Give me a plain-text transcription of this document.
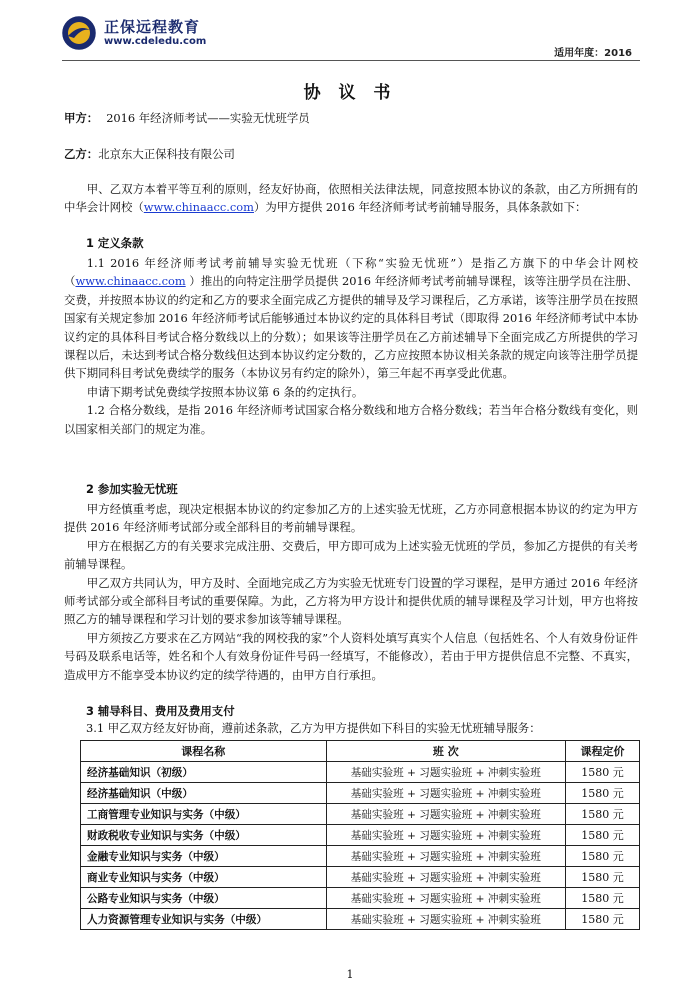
正保远程教育
www.cdeledu.com
适用年度：2016
协 议 书
甲方： 2016 年经济师考试——实验无忧班学员
乙方：北京东大正保科技有限公司

甲、乙双方本着平等互利的原则，经友好协商，依照相关法律法规，同意按照本协议的条款，由乙方所拥有的中华会计网校（www.chinaacc.com）为甲方提供 2016 年经济师考试考前辅导服务，具体条款如下：

1 定义条款

1.1 2016 年经济师考试考前辅导实验无忧班（下称“实验无忧班”）是指乙方旗下的中华会计网校（www.chinaacc.com ）推出的向特定注册学员提供 2016 年经济师考试考前辅导课程，该等注册学员在注册、交费，并按照本协议的约定和乙方的要求全面完成乙方提供的辅导及学习课程后，乙方承诺，该等注册学员在按照国家有关规定参加 2016 年经济师考试后能够通过本协议约定的具体科目考试（即取得 2016 年经济师考试中本协议约定的具体科目考试合格分数线以上的分数）；如果该等注册学员在乙方前述辅导下全面完成乙方所提供的学习课程以后，未达到考试合格分数线但达到本协议约定分数的，乙方应按照本协议相关条款的规定向该等注册学员提供下期同科目考试免费续学的服务（本协议另有约定的除外），第三年起不再享受此优惠。

申请下期考试免费续学按照本协议第 6 条的约定执行。

1.2 合格分数线，是指 2016 年经济师考试国家合格分数线和地方合格分数线；若当年合格分数线有变化，则以国家相关部门的规定为准。

2 参加实验无忧班

甲方经慎重考虑，现决定根据本协议的约定参加乙方的上述实验无忧班，乙方亦同意根据本协议的约定为甲方提供 2016 年经济师考试部分或全部科目的考前辅导课程。

甲方在根据乙方的有关要求完成注册、交费后，甲方即可成为上述实验无忧班的学员，参加乙方提供的有关考前辅导课程。

甲乙双方共同认为，甲方及时、全面地完成乙方为实验无忧班专门设置的学习课程，是甲方通过 2016 年经济师考试部分或全部科目考试的重要保障。为此，乙方将为甲方设计和提供优质的辅导课程及学习计划，甲方也将按照乙方的辅导课程和学习计划的要求参加该等辅导课程。

甲方须按乙方要求在乙方网站“我的网校我的家”个人资料处填写真实个人信息（包括姓名、个人有效身份证件号码及联系电话等，姓名和个人有效身份证件号码一经填写，不能修改），若由于甲方提供信息不完整、不真实，造成甲方不能享受本协议约定的续学待遇的，由甲方自行承担。

3 辅导科目、费用及费用支付
3.1 甲乙双方经友好协商，遵前述条款，乙方为甲方提供如下科目的实验无忧班辅导服务：
课程名称	班 次	课程定价
经济基础知识（初级）	基础实验班 + 习题实验班 + 冲刺实验班	1580 元
经济基础知识（中级）	基础实验班 + 习题实验班 + 冲刺实验班	1580 元
工商管理专业知识与实务（中级）	基础实验班 + 习题实验班 + 冲刺实验班	1580 元
财政税收专业知识与实务（中级）	基础实验班 + 习题实验班 + 冲刺实验班	1580 元
金融专业知识与实务（中级）	基础实验班 + 习题实验班 + 冲刺实验班	1580 元
商业专业知识与实务（中级）	基础实验班 + 习题实验班 + 冲刺实验班	1580 元
公路专业知识与实务（中级）	基础实验班 + 习题实验班 + 冲刺实验班	1580 元
人力资源管理专业知识与实务（中级）	基础实验班 + 习题实验班 + 冲刺实验班	1580 元
1
